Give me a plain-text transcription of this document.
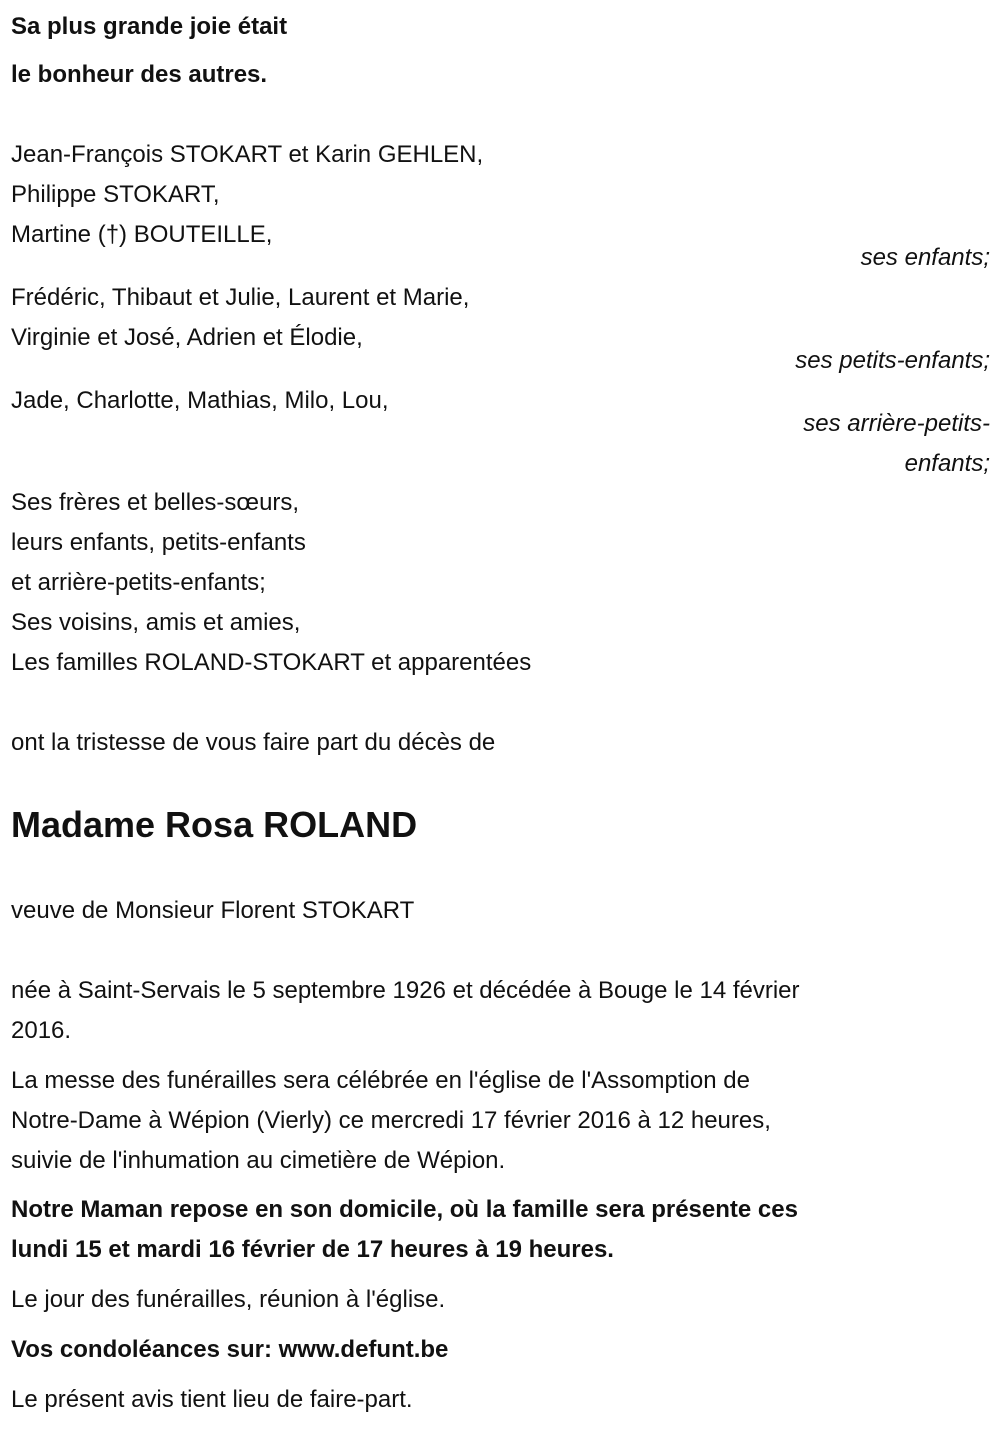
Sa plus grande joie était
le bonheur des autres.
Jean-François STOKART et Karin GEHLEN,
Philippe STOKART,
Martine (†) BOUTEILLE,
ses enfants;
Frédéric, Thibaut et Julie, Laurent et Marie,
Virginie et José, Adrien et Élodie,
ses petits-enfants;
Jade, Charlotte, Mathias, Milo, Lou,
ses arrière-petits-
enfants;
Ses frères et belles-sœurs,
leurs enfants, petits-enfants
et arrière-petits-enfants;
Ses voisins, amis et amies,
Les familles ROLAND-STOKART et apparentées
ont la tristesse de vous faire part du décès de
Madame Rosa ROLAND
veuve de Monsieur Florent STOKART
née à Saint-Servais le 5 septembre 1926 et décédée à Bouge le 14 février
2016.
La messe des funérailles sera célébrée en l'église de l'Assomption de
Notre-Dame à Wépion (Vierly) ce mercredi 17 février 2016 à 12 heures,
suivie de l'inhumation au cimetière de Wépion.
Notre Maman repose en son domicile, où la famille sera présente ces
lundi 15 et mardi 16 février de 17 heures à 19 heures.
Le jour des funérailles, réunion à l'église.
Vos condoléances sur: www.defunt.be
Le présent avis tient lieu de faire-part.
